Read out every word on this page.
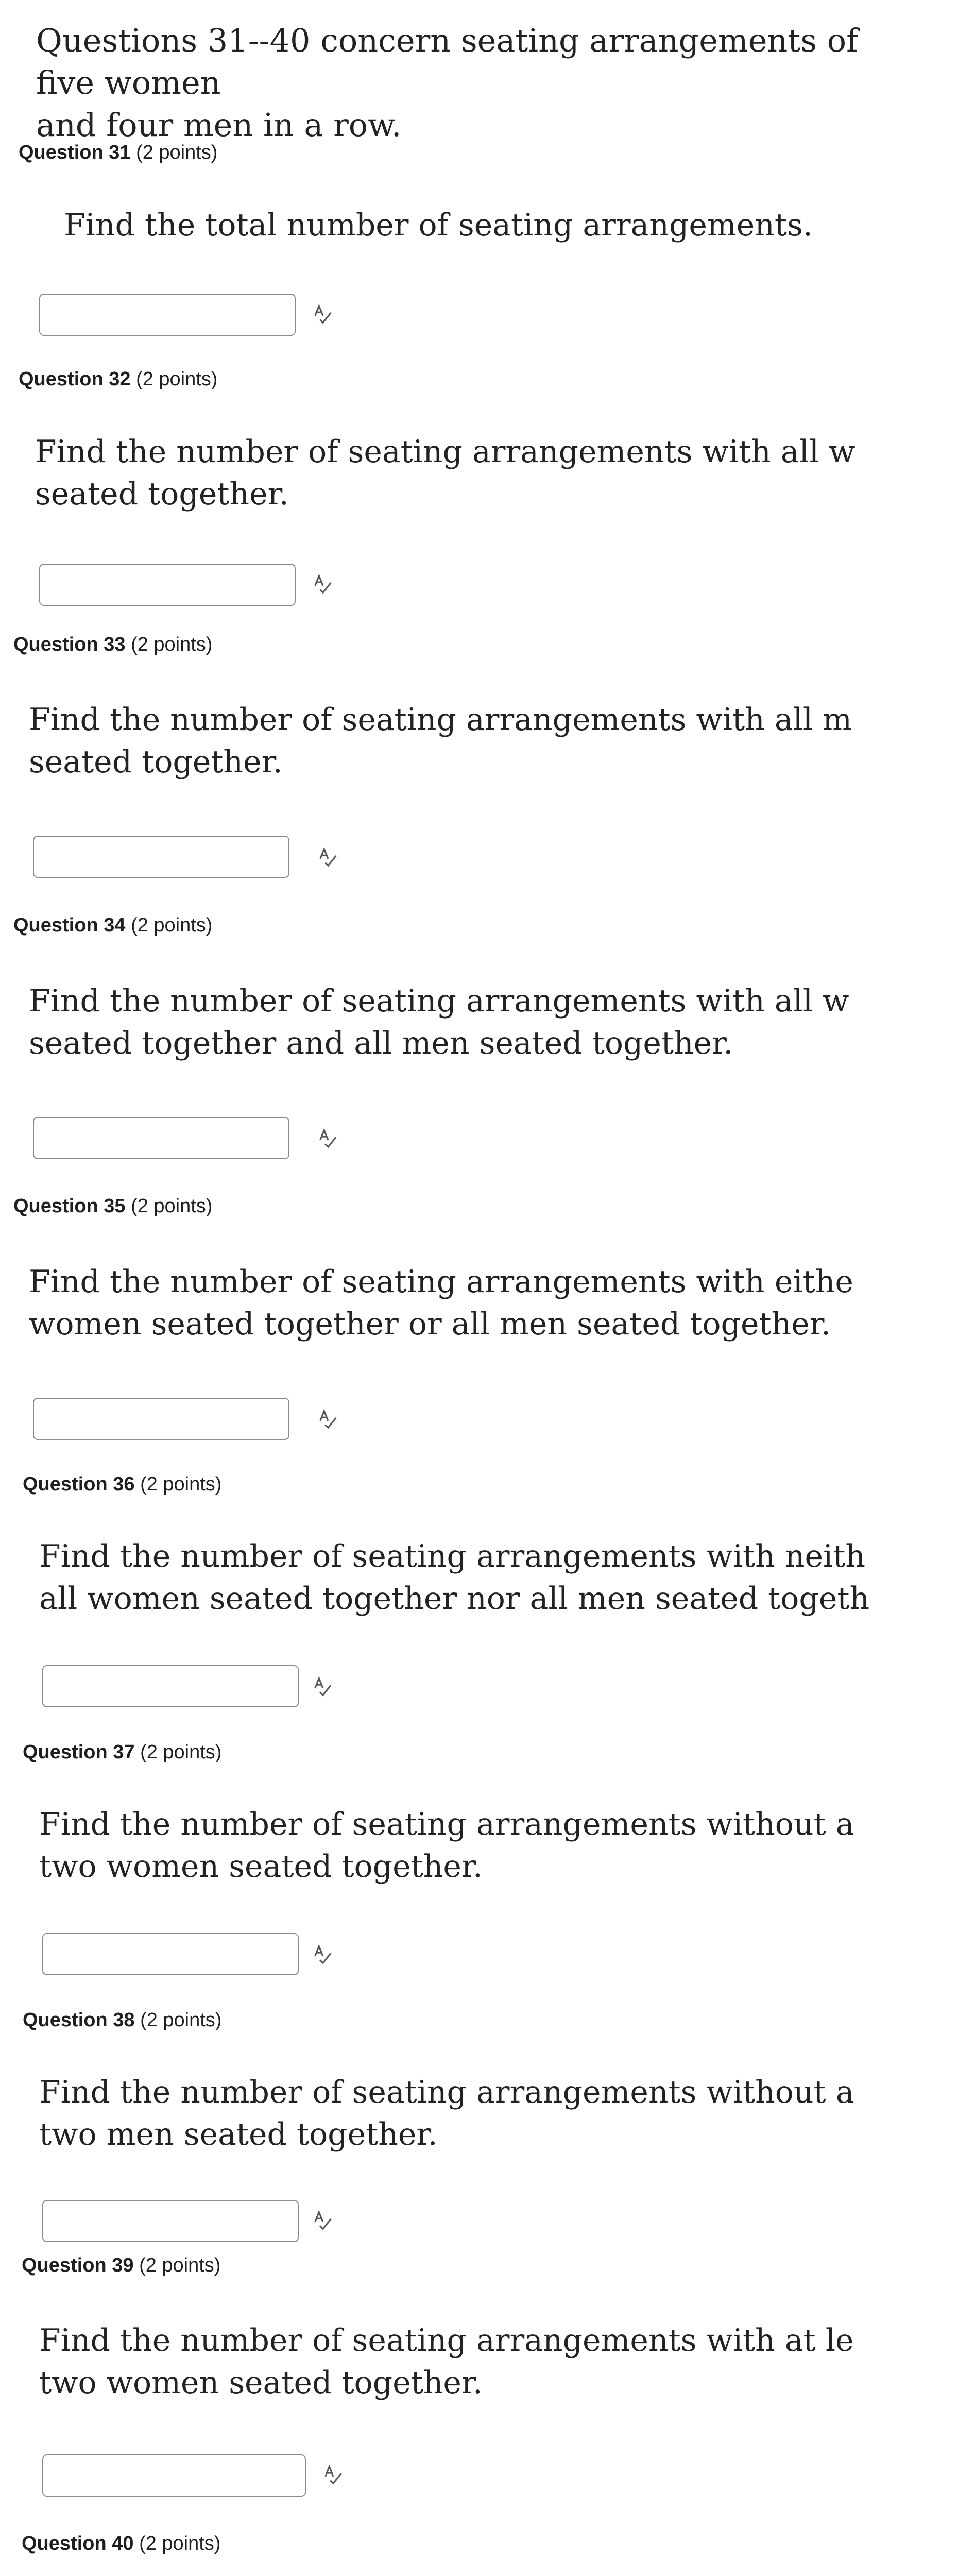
Questions 31--40 concern seating arrangements of five women
and four men in a row.
Question 31 (2 points)
Find the total number of seating arrangements.
Question 32 (2 points)
Find the number of seating arrangements with all w
seated together.
Question 33 (2 points)
Find the number of seating arrangements with all m
seated together.
Question 34 (2 points)
Find the number of seating arrangements with all w
seated together and all men seated together.
Question 35 (2 points)
Find the number of seating arrangements with eithe
women seated together or all men seated together.
Question 36 (2 points)
Find the number of seating arrangements with neith
all women seated together nor all men seated togeth
Question 37 (2 points)
Find the number of seating arrangements without a
two women seated together.
Question 38 (2 points)
Find the number of seating arrangements without a
two men seated together.
Question 39 (2 points)
Find the number of seating arrangements with at le
two women seated together.
Question 40 (2 points)
